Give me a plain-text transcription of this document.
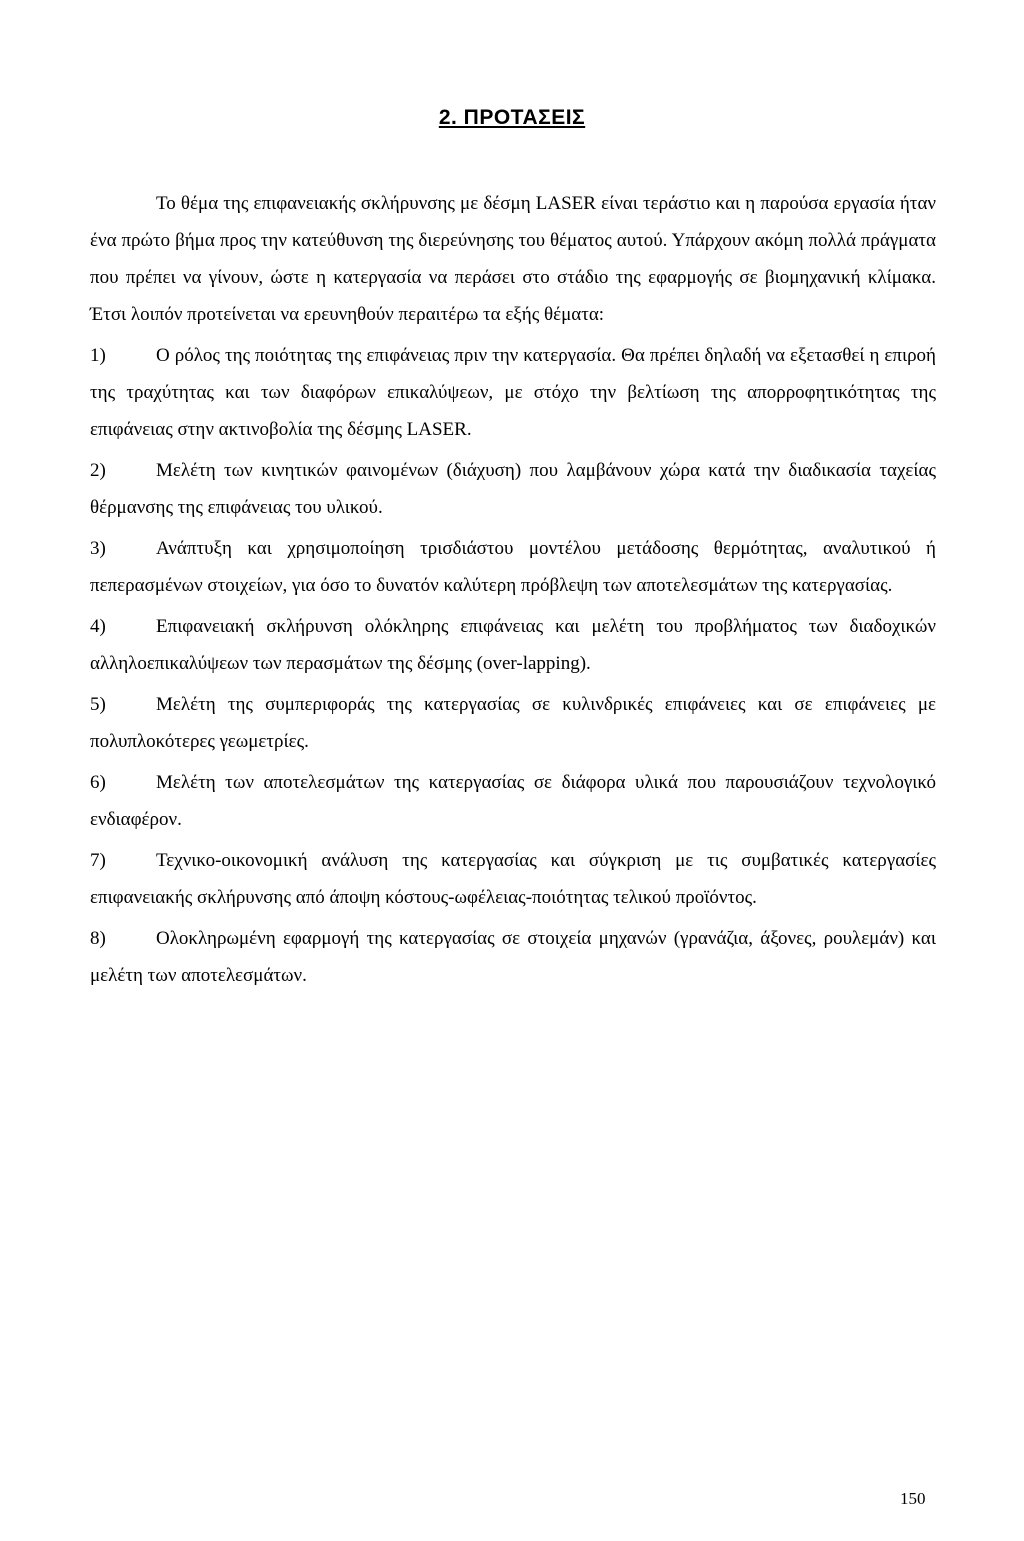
2. ΠΡΟΤΑΣΕΙΣ

Το θέμα της επιφανειακής σκλήρυνσης με δέσμη LASER είναι τεράστιο και η παρούσα εργασία ήταν ένα πρώτο βήμα προς την κατεύθυνση της διερεύνησης του θέματος αυτού. Υπάρχουν ακόμη πολλά πράγματα που πρέπει να γίνουν, ώστε η κατεργασία να περάσει στο στάδιο της εφαρμογής σε βιομηχανική κλίμακα. Έτσι λοιπόν προτείνεται να ερευνηθούν περαιτέρω τα εξής θέματα:

1)	Ο ρόλος της ποιότητας της επιφάνειας πριν την κατεργασία. Θα πρέπει δηλαδή να εξετασθεί η επιροή της τραχύτητας και των διαφόρων επικαλύψεων, με στόχο την βελτίωση της απορροφητικότητας της επιφάνειας στην ακτινοβολία της δέσμης LASER.

2)	Μελέτη των κινητικών φαινομένων (διάχυση) που λαμβάνουν χώρα κατά την διαδικασία ταχείας θέρμανσης της επιφάνειας του υλικού.

3)	Ανάπτυξη και χρησιμοποίηση τρισδιάστου μοντέλου μετάδοσης θερμότητας, αναλυτικού ή πεπερασμένων στοιχείων, για όσο το δυνατόν καλύτερη πρόβλεψη των αποτελεσμάτων της κατεργασίας.

4)	Επιφανειακή σκλήρυνση ολόκληρης επιφάνειας και μελέτη του προβλήματος των διαδοχικών αλληλοεπικαλύψεων των περασμάτων της δέσμης (over-lapping).

5)	Μελέτη της συμπεριφοράς της κατεργασίας σε κυλινδρικές επιφάνειες και σε επιφάνειες με πολυπλοκότερες γεωμετρίες.

6)	Μελέτη των αποτελεσμάτων της κατεργασίας σε διάφορα υλικά που παρουσιάζουν τεχνολογικό ενδιαφέρον.

7)	Τεχνικο-οικονομική ανάλυση της κατεργασίας και σύγκριση με τις συμβατικές κατεργασίες επιφανειακής σκλήρυνσης από άποψη κόστους-ωφέλειας-ποιότητας τελικού προϊόντος.

8)	Ολοκληρωμένη εφαρμογή της κατεργασίας σε στοιχεία μηχανών (γρανάζια, άξονες, ρουλεμάν) και μελέτη των αποτελεσμάτων.

150
